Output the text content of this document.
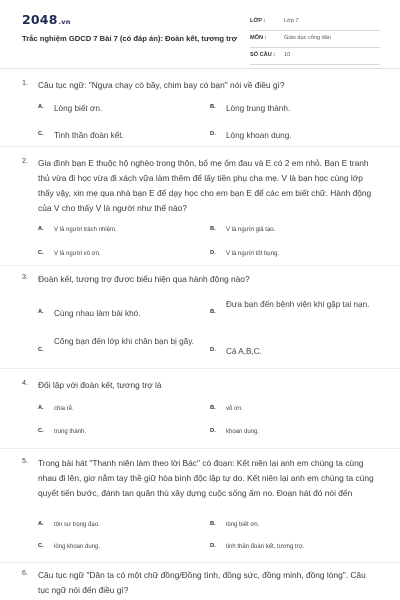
2048.vn
Trắc nghiệm GDCD 7 Bài 7 (có đáp án): Đoàn kết, tương trợ
LỚP :	Lớp 7
MÔN :	Giáo dục công dân
SỐ CÂU : 10
1. Câu tục ngữ: "Ngựa chạy có bầy, chim bay có bạn" nói về điều gì?
A. Lòng biết ơn.	B. Lòng trung thành.
C. Tinh thần đoàn kết.	D. Lòng khoan dung.
2. Gia đình bạn E thuộc hộ nghèo trong thôn, bố mẹ ốm đau và E có 2 em nhỏ. Bạn E tranh thủ vừa đi học vừa đi xách vữa làm thêm để lấy tiền phụ cha mẹ. V là bạn học cùng lớp thấy vậy, xin mẹ qua nhà bạn E để dạy học cho em bạn E để các em biết chữ. Hành động của V cho thấy V là người như thế nào?
A. V là người trách nhiệm.	B. V là người giả tạo.
C. V là người vô ơn.	D. V là người tốt bụng.
3. Đoàn kết, tương trợ được biểu hiện qua hành động nào?
A. Cùng nhau làm bài khó.	B.
Đưa bạn đến bệnh viện khi gặp tai nạn.
C.
Cõng bạn đến lớp khi chân bạn bị gãy.
D. Cả A,B,C.
4. Đối lập với đoàn kết, tương trợ là
A. chia rẽ.	B. vô ơn.
C. trung thành.	D. khoan dung.
5. Trong bài hát "Thanh niên làm theo lời Bác" có đoạn: Kết niên lại anh em chúng ta cùng nhau đi lên, giơ nắm tay thề giữ hòa bình độc lập tự do. Kết niên lại anh em chúng ta cùng quyết tiến bước, đánh tan quân thù xây dựng cuộc sống ấm no. Đoạn hát đó nói đến
A. tôn sư trọng đạo.	B. lòng biết ơn.
C. lòng khoan dung.	D. tinh thần đoàn kết, tương trợ.
6. Câu tục ngữ "Dân ta có một chữ đồng/Đồng tình, đồng sức, đồng minh, đồng lòng". Câu tục ngữ nói đến điều gì?
